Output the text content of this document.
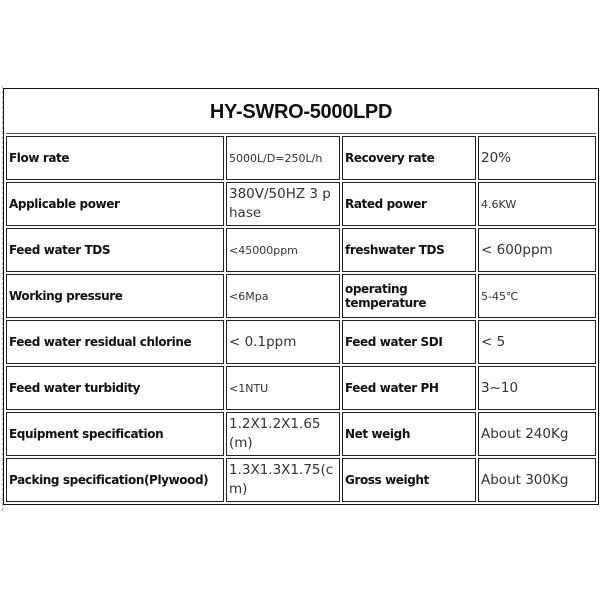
HY-SWRO-5000LPD			
Flow rate	5000L/D=250L/h	Recovery rate	20%
Applicable power	380V/50HZ 3 phase	Rated power	4.6KW
Feed water TDS	<45000ppm	freshwater TDS	< 600ppm
Working pressure	<6Mpa	operating temperature	5-45℃
Feed water residual chlorine	< 0.1ppm	Feed water SDI	< 5
Feed water turbidity	<1NTU	Feed water PH	3~10
Equipment specification	1.2X1.2X1.65(m)	Net weigh	About 240Kg
Packing specification(Plywood)	1.3X1.3X1.75(cm)	Gross weight	About 300Kg
